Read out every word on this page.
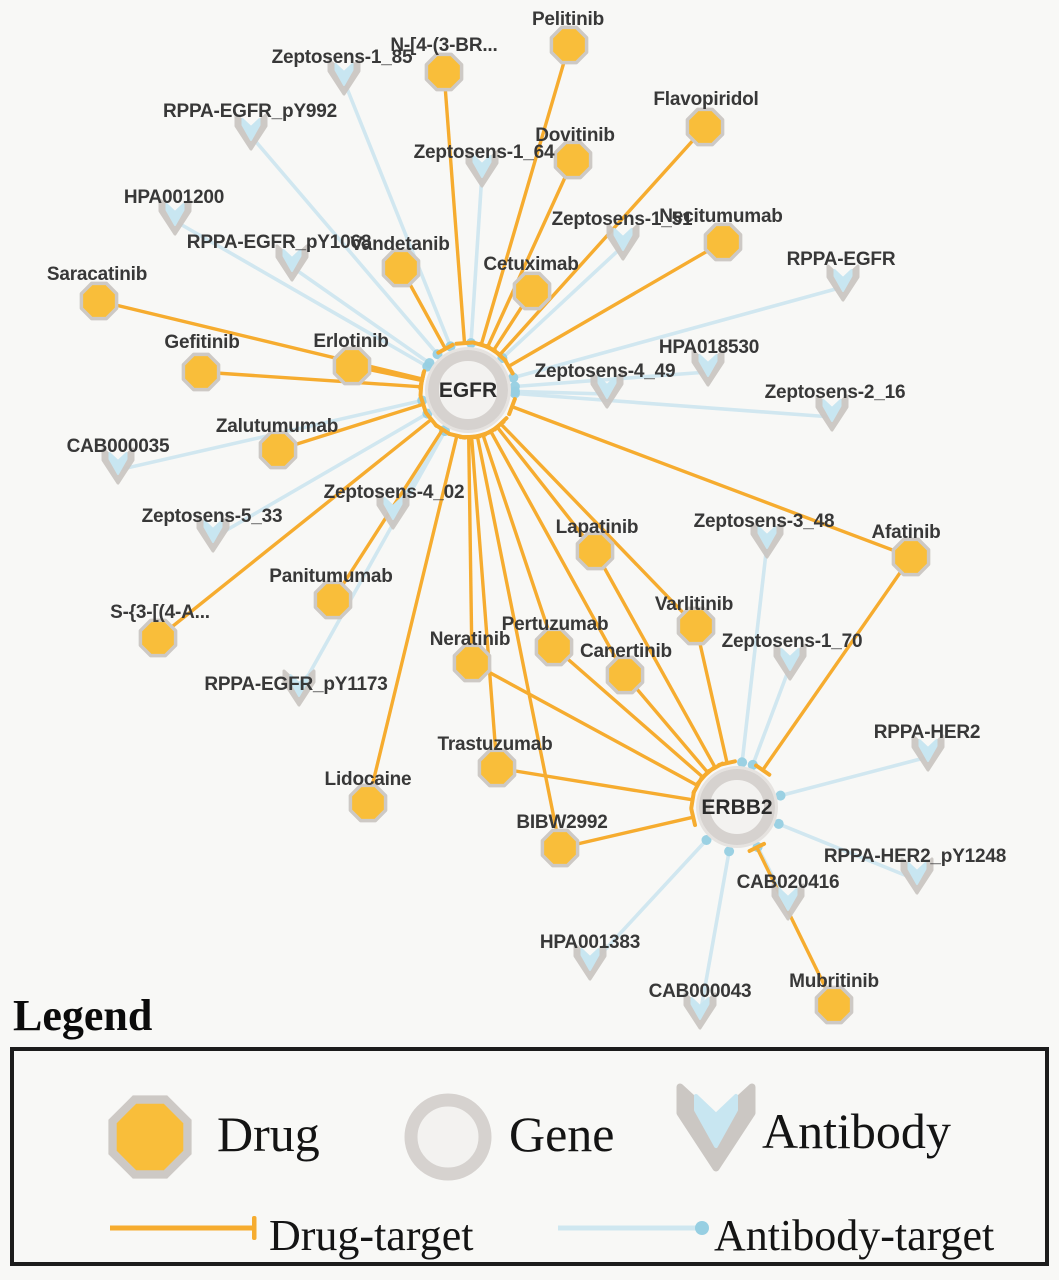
EGFR
ERBB2
Pelitinib
N-[4-(3-BR...
Flavopiridol
Dovitinib
Vandetanib
Cetuximab
Necitumumab
Saracatinib
Gefitinib	Erlotinib
Zalutumumab
Panitumumab
S-{3-[(4-A...
Lapatinib
Varlitinib
Afatinib
Neratinib
Pertuzumab
Canertinib
Trastuzumab
Lidocaine
BIBW2992
Mubritinib
Zeptosens-1_85
RPPA-EGFR_pY992
HPA001200
RPPA-EGFR_pY1068
Zeptosens-1_64
Zeptosens-1_51
RPPA-EGFR
HPA018530
Zeptosens-4_49
Zeptosens-2_16
CAB000035
Zeptosens-5_33
Zeptosens-4_02
Zeptosens-3_48
Zeptosens-1_70
RPPA-EGFR_pY1173
RPPA-HER2
RPPA-HER2_pY1248
CAB020416
HPA001383
CAB000043
Legend
Drug	Gene	Antibody
Drug-target	Antibody-target
